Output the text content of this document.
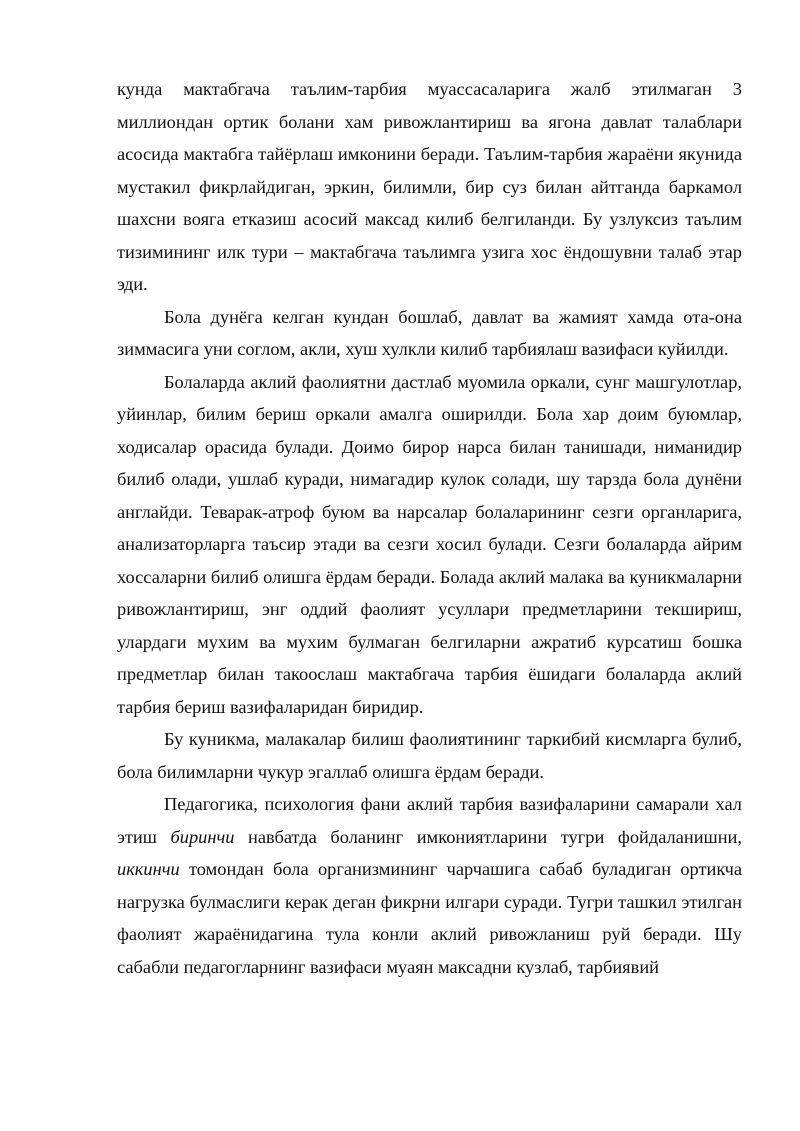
кунда мактабгача таълим-тарбия муассасаларига жалб этилмаган 3 миллиондан ортик болани хам ривожлантириш ва ягона давлат талаблари асосида мактабга тайёрлаш имконини беради. Таълим-тарбия жараёни якунида мустакил фикрлайдиган, эркин, билимли, бир суз билан айтганда баркамол шахсни вояга етказиш асосий максад килиб белгиланди. Бу узлуксиз таълим тизимининг илк тури – мактабгача таълимга узига хос ёндошувни талаб этар эди.

Бола дунёга келган кундан бошлаб, давлат ва жамият хамда ота-она зиммасига уни соглом, акли, хуш хулкли килиб тарбиялаш вазифаси куйилди.

Болаларда аклий фаолиятни дастлаб муомила оркали, сунг машгулотлар, уйинлар, билим бериш оркали амалга оширилди. Бола хар доим буюмлар, ходисалар орасида булади. Доимо бирор нарса билан танишади, ниманидир билиб олади, ушлаб куради, нимагадир кулок солади, шу тарзда бола дунёни англайди. Теварак-атроф буюм ва нарсалар болаларининг сезги органларига, анализаторларга таъсир этади ва сезги хосил булади. Сезги болаларда айрим хоссаларни билиб олишга ёрдам беради. Болада аклий малака ва куникмаларни ривожлантириш, энг оддий фаолият усуллари предметларини текшириш, улардаги мухим ва мухим булмаган белгиларни ажратиб курсатиш бошка предметлар билан такооcлаш мактабгача тарбия ёшидаги болаларда аклий тарбия бериш вазифаларидан биридир.

Бу куникма, малакалар билиш фаолиятининг таркибий кисмларга булиб, бола билимларни чукур эгаллаб олишга ёрдам беради.

Педагогика, психология фани аклий тарбия вазифаларини самарали хал этиш биринчи навбатда боланинг имкониятларини тугри фойдаланишни, иккинчи томондан бола организмининг чарчашига сабаб буладиган ортикча нагрузка булмаслиги керак деган фикрни илгари суради. Тугри ташкил этилган фаолият жараёнидагина тула конли аклий ривожланиш руй беради. Шу сабабли педагогларнинг вазифаси муаян максадни кузлаб, тарбиявий
